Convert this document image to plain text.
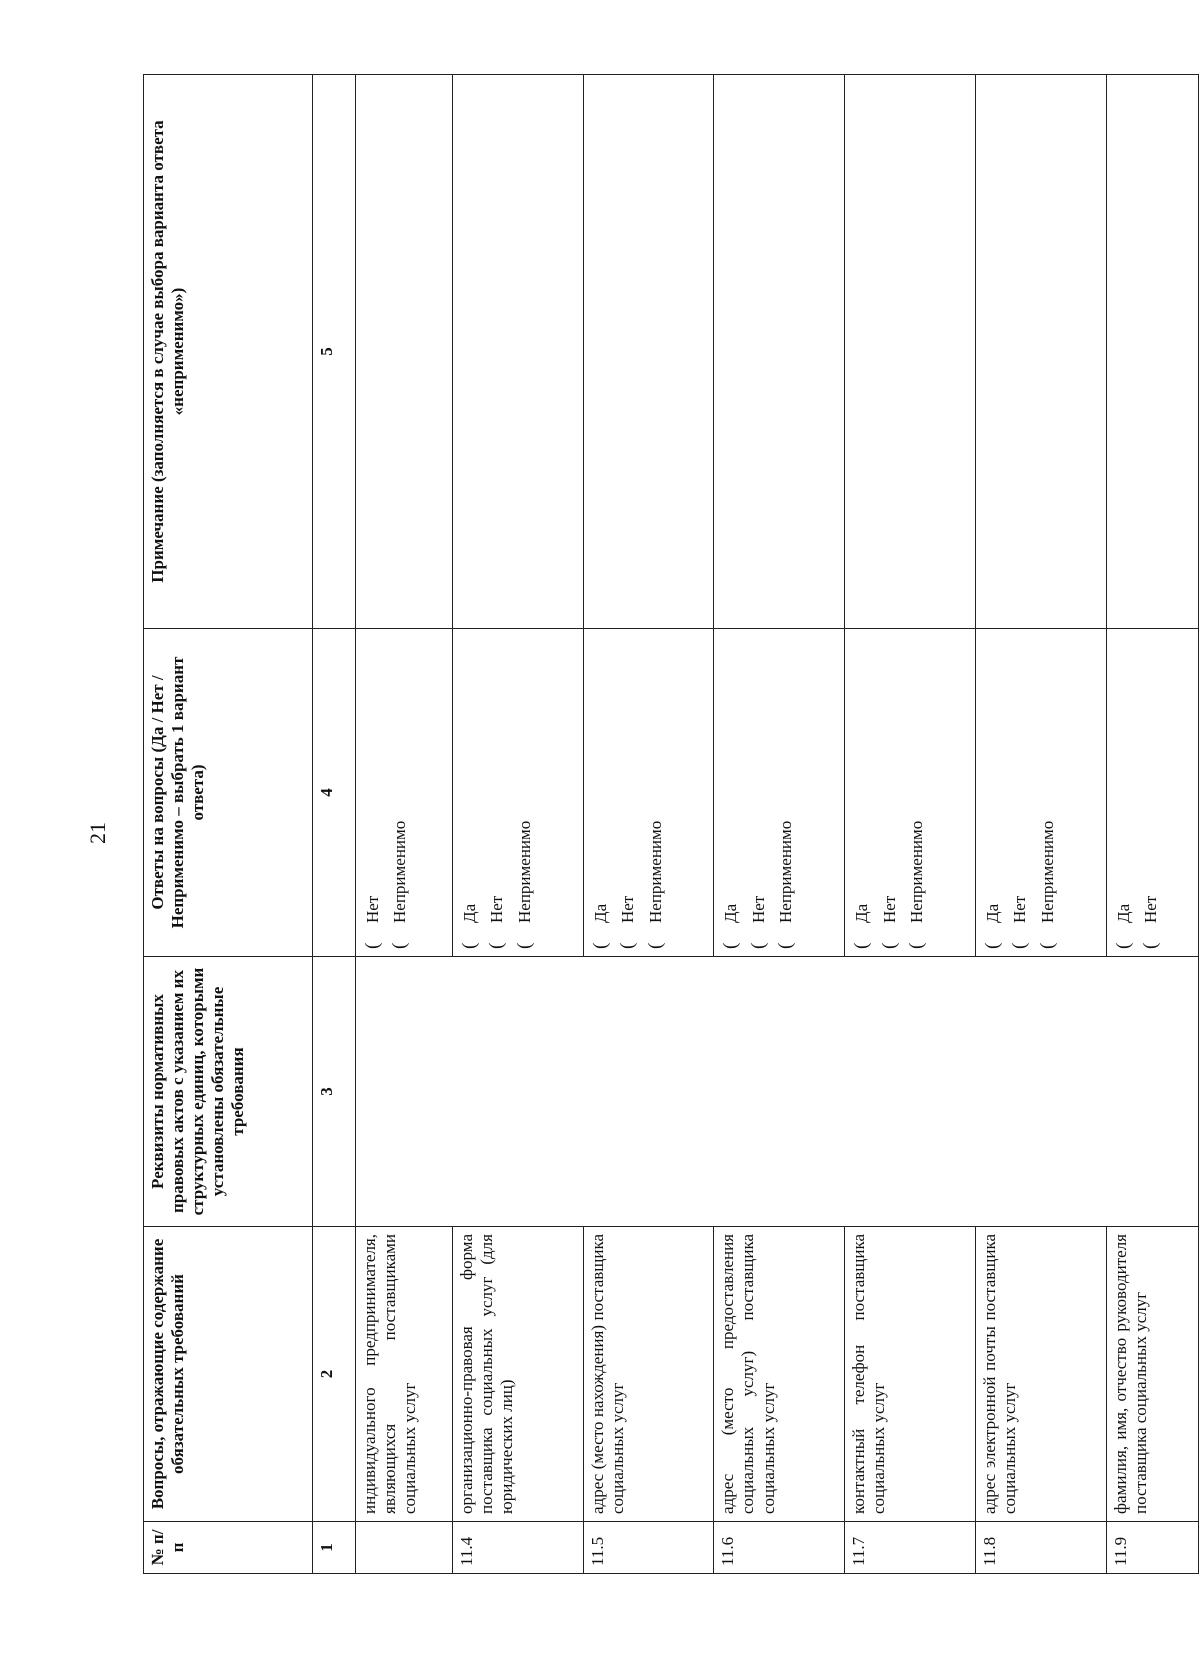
21
№ п/п	Вопросы, отражающие содержание обязательных требований	Реквизиты нормативных правовых актов с указанием их структурных единиц, которыми установлены обязательные требования	Ответы на вопросы (Да / Нет / Неприменимо – выбрать 1 вариант ответа)	Примечание (заполняется в случае выбора варианта ответа «неприменимо»)
1	2	3	4	5
	индивидуального предпринимателя, являющихся поставщиками социальных услуг		(Нет
(Неприменимо	

11.4	организационно-правовая форма поставщика социальных услуг (для юридических лиц)		(Да
(Нет
(Неприменимо	

11.5	адрес (место нахождения) поставщика социальных услуг		(Да
(Нет
(Неприменимо	

11.6	адрес (место предоставления социальных услуг) поставщика социальных услуг		(Да
(Нет
(Неприменимо	

11.7	контактный телефон поставщика социальных услуг		(Да
(Нет
(Неприменимо	

11.8	адрес электронной почты поставщика социальных услуг		(Да
(Нет
(Неприменимо	

11.9	фамилия, имя, отчество руководителя поставщика социальных услуг		(Да
(Нет	
